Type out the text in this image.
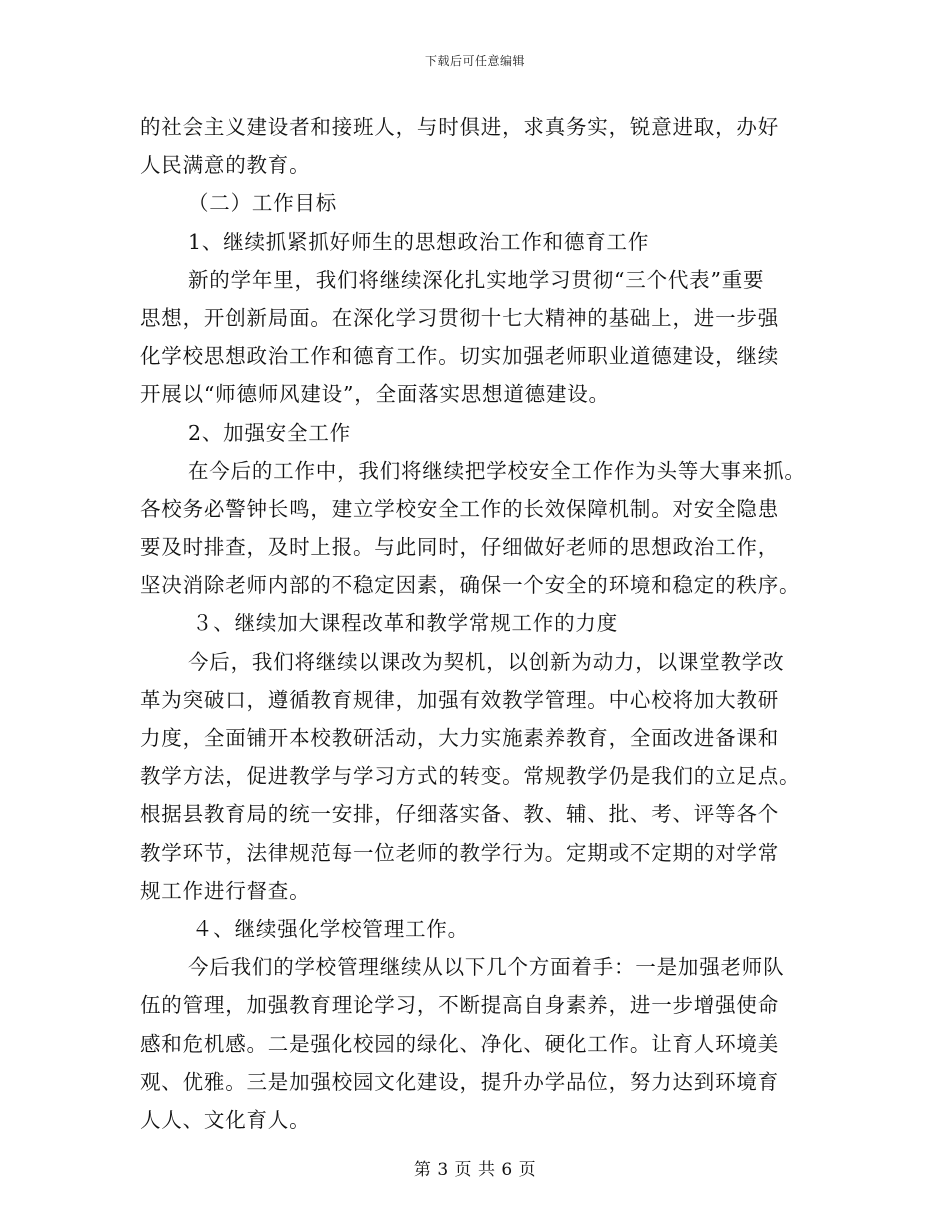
下载后可任意编辑
的社会主义建设者和接班人，与时俱进，求真务实，锐意进取，办好
人民满意的教育。
（二）工作目标
1、继续抓紧抓好师生的思想政治工作和德育工作
新的学年里，我们将继续深化扎实地学习贯彻“三个代表”重要
思想，开创新局面。在深化学习贯彻十七大精神的基础上，进一步强
化学校思想政治工作和德育工作。切实加强老师职业道德建设，继续
开展以“师德师风建设”，全面落实思想道德建设。
2、加强安全工作
在今后的工作中，我们将继续把学校安全工作作为头等大事来抓。
各校务必警钟长鸣，建立学校安全工作的长效保障机制。对安全隐患
要及时排查，及时上报。与此同时，仔细做好老师的思想政治工作，
坚决消除老师内部的不稳定因素，确保一个安全的环境和稳定的秩序。
３、继续加大课程改革和教学常规工作的力度
今后，我们将继续以课改为契机，以创新为动力，以课堂教学改
革为突破口，遵循教育规律，加强有效教学管理。中心校将加大教研
力度，全面铺开本校教研活动，大力实施素养教育，全面改进备课和
教学方法，促进教学与学习方式的转变。常规教学仍是我们的立足点。
根据县教育局的统一安排，仔细落实备、教、辅、批、考、评等各个
教学环节，法律规范每一位老师的教学行为。定期或不定期的对学常
规工作进行督查。
４、继续强化学校管理工作。
今后我们的学校管理继续从以下几个方面着手：一是加强老师队
伍的管理，加强教育理论学习，不断提高自身素养，进一步增强使命
感和危机感。二是强化校园的绿化、净化、硬化工作。让育人环境美
观、优雅。三是加强校园文化建设，提升办学品位，努力达到环境育
人人、文化育人。
第 3 页 共 6 页
